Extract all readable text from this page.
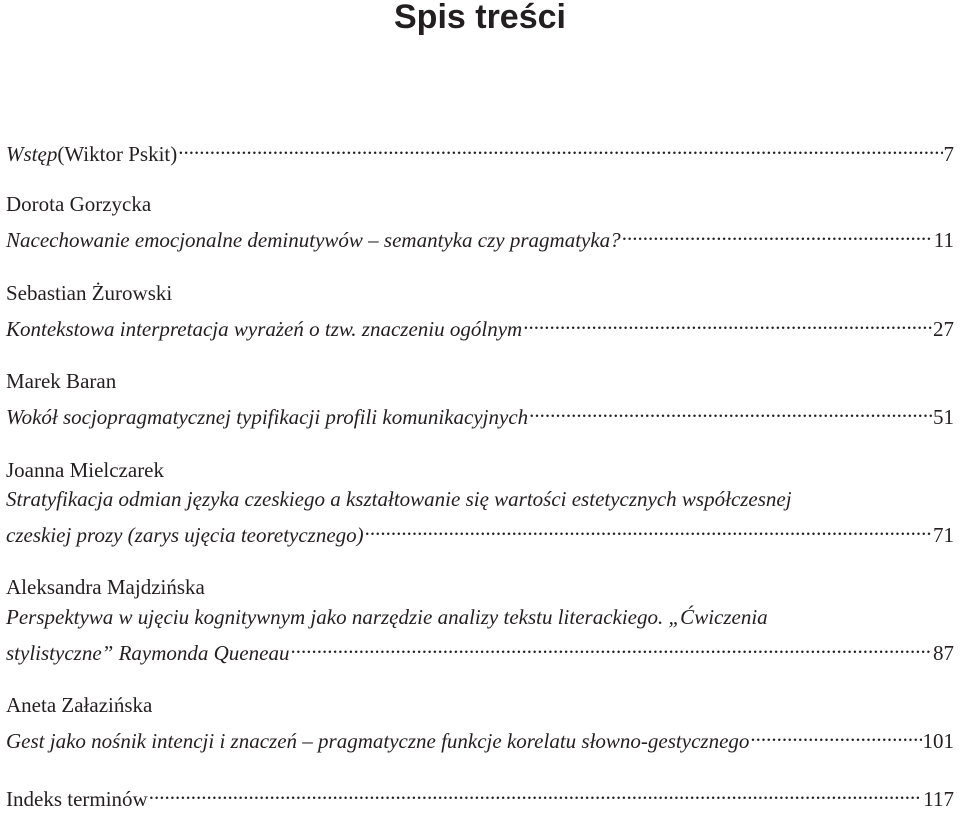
Spis treści
Wstęp (Wiktor Pskit) .....	7
Dorota Gorzycka
Nacechowanie emocjonalne deminutywów – semantyka czy pragmatyka? .....	11
Sebastian Żurowski
Kontekstowa interpretacja wyrażeń o tzw. znaczeniu ogólnym .....	27
Marek Baran
Wokół socjopragmatycznej typifikacji profili komunikacyjnych .....	51
Joanna Mielczarek
Stratyfikacja odmian języka czeskiego a kształtowanie się wartości estetycznych współczesnej
czeskiej prozy (zarys ujęcia teoretycznego) .....	71
Aleksandra Majdzińska
Perspektywa w ujęciu kognitywnym jako narzędzie analizy tekstu literackiego. „Ćwiczenia
stylistyczne” Raymonda Queneau .....	87
Aneta Załazińska
Gest jako nośnik intencji i znaczeń – pragmatyczne funkcje korelatu słowno-gestycznego .....	101
Indeks terminów .....	117
